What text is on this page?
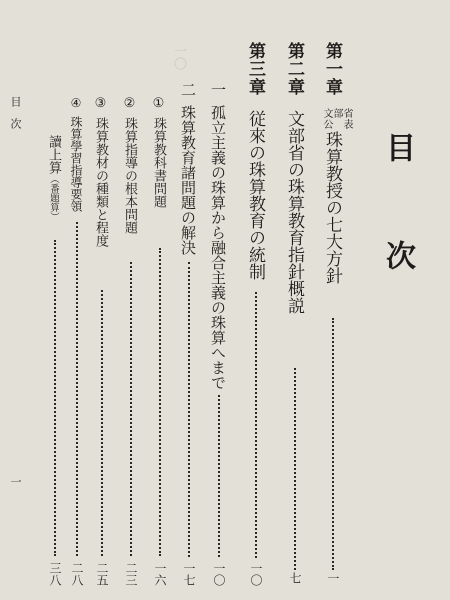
目　次
一
目　次
第一章文部省
公　表珠算教授の七大方針
一
第二章文部省の珠算教育指針概説
七
第三章従來の珠算教育の統制
一〇
一孤立主義の珠算から融合主義の珠算へまで
一〇
二珠算教育諸問題の解決
一七
一〇
①珠算教科書問題
一六
②珠算指導の根本問題
二三
③珠算教材の種類と程度
二五
④珠算學習指導要領
二八
讀上算（番題算）
三八
